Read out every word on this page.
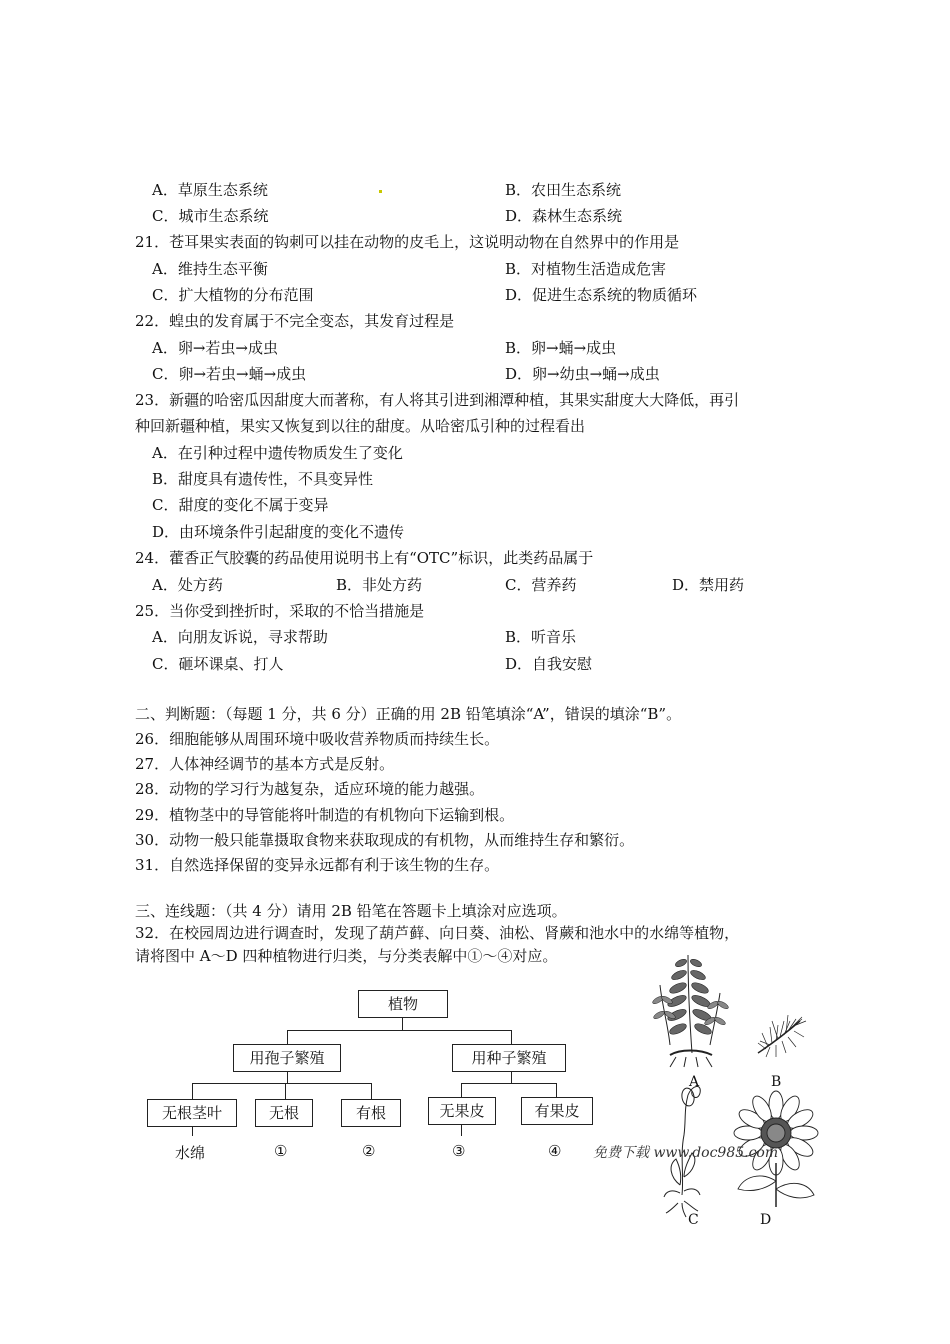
A．草原生态系统	B．农田生态系统
C．城市生态系统	D．森林生态系统
21．苍耳果实表面的钩刺可以挂在动物的皮毛上，这说明动物在自然界中的作用是
A．维持生态平衡	B．对植物生活造成危害
C．扩大植物的分布范围	D．促进生态系统的物质循环
22．蝗虫的发育属于不完全变态，其发育过程是
A．卵→若虫→成虫	B．卵→蛹→成虫
C．卵→若虫→蛹→成虫	D．卵→幼虫→蛹→成虫
23．新疆的哈密瓜因甜度大而著称，有人将其引进到湘潭种植，其果实甜度大大降低，再引
种回新疆种植，果实又恢复到以往的甜度。从哈密瓜引种的过程看出
A．在引种过程中遗传物质发生了变化
B．甜度具有遗传性，不具变异性
C．甜度的变化不属于变异
D．由环境条件引起甜度的变化不遗传
24．藿香正气胶囊的药品使用说明书上有“OTC”标识，此类药品属于
A．处方药	B．非处方药	C．营养药	D．禁用药
25．当你受到挫折时，采取的不恰当措施是
A．向朋友诉说，寻求帮助	B．听音乐
C．砸坏课桌、打人	D．自我安慰
二、判断题：（每题 1 分，共 6 分）正确的用 2B 铅笔填涂“A”，错误的填涂“B”。
26．细胞能够从周围环境中吸收营养物质而持续生长。
27．人体神经调节的基本方式是反射。
28．动物的学习行为越复杂，适应环境的能力越强。
29．植物茎中的导管能将叶制造的有机物向下运输到根。
30．动物一般只能靠摄取食物来获取现成的有机物，从而维持生存和繁衍。
31．自然选择保留的变异永远都有利于该生物的生存。
三、连线题：（共 4 分）请用 2B 铅笔在答题卡上填涂对应选项。
32．在校园周边进行调查时，发现了葫芦藓、向日葵、油松、肾蕨和池水中的水绵等植物，
请将图中 A～D 四种植物进行归类，与分类表解中①～④对应。
植物
用孢子繁殖	用种子繁殖
无根茎叶	无根	有根	无果皮	有果皮
水绵	①	②	③	④
A	B
C	D
免费下载 www.doc985.com
